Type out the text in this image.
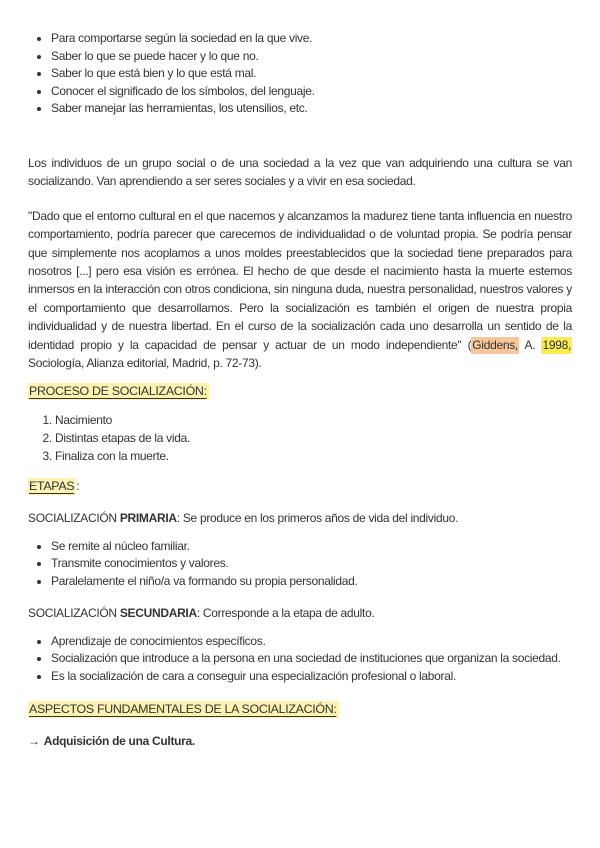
• Para comportarse según la sociedad en la que vive.
• Saber lo que se puede hacer y lo que no.
• Saber lo que está bien y lo que está mal.
• Conocer el significado de los símbolos, del lenguaje.
• Saber manejar las herramientas, los utensilios, etc.

Los individuos de un grupo social o de una sociedad a la vez que van adquiriendo una cultura se van socializando. Van aprendiendo a ser seres sociales y a vivir en esa sociedad.

"Dado que el entorno cultural en el que nacemos y alcanzamos la madurez tiene tanta influencia en nuestro comportamiento, podría parecer que carecemos de individualidad o de voluntad propia. Se podría pensar que simplemente nos acoplamos a unos moldes preestablecidos que la sociedad tiene preparados para nosotros [...] pero esa visión es errónea. El hecho de que desde el nacimiento hasta la muerte estemos inmersos en la interacción con otros condiciona, sin ninguna duda, nuestra personalidad, nuestros valores y el comportamiento que desarrollamos. Pero la socialización es también el origen de nuestra propia individualidad y de nuestra libertad. En el curso de la socialización cada uno desarrolla un sentido de la identidad propio y la capacidad de pensar y actuar de un modo independiente" (Giddens, A. 1998, Sociología, Alianza editorial, Madrid, p. 72-73).

PROCESO DE SOCIALIZACIÓN:

1. Nacimiento
2. Distintas etapas de la vida.
3. Finaliza con la muerte.

ETAPAS :

SOCIALIZACIÓN PRIMARIA: Se produce en los primeros años de vida del individuo.

• Se remite al núcleo familiar.
• Transmite conocimientos y valores.
• Paralelamente el niño/a va formando su propia personalidad.

SOCIALIZACIÓN SECUNDARIA: Corresponde a la etapa de adulto.

• Aprendizaje de conocimientos específicos.
• Socialización que introduce a la persona en una sociedad de instituciones que organizan la sociedad.
• Es la socialización de cara a conseguir una especialización profesional o laboral.

ASPECTOS FUNDAMENTALES DE LA SOCIALIZACIÓN:

→ Adquisición de una Cultura.
